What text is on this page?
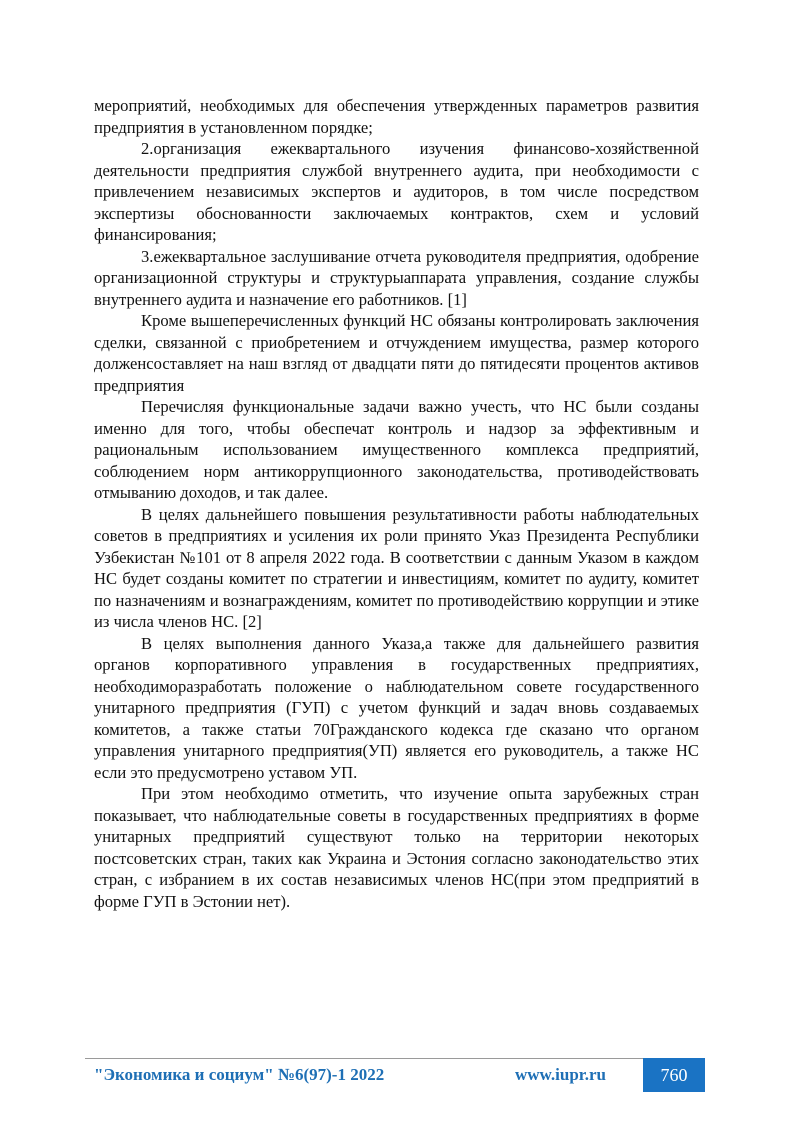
мероприятий, необходимых для обеспечения утвержденных параметров развития предприятия в установленном порядке;

2.организация ежеквартального изучения финансово-хозяйственной деятельности предприятия службой внутреннего аудита, при необходимости с привлечением независимых экспертов и аудиторов, в том числе посредством экспертизы обоснованности заключаемых контрактов, схем и условий финансирования;

3.ежеквартальное заслушивание отчета руководителя предприятия, одобрение организационной структуры и структурыаппарата управления, создание службы внутреннего аудита и назначение его работников. [1]

Кроме вышеперечисленных функций НС обязаны контролировать заключения сделки, связанной с приобретением и отчуждением имущества, размер которого долженсоставляет на наш взгляд от двадцати пяти до пятидесяти процентов активов предприятия

Перечисляя функциональные задачи важно учесть, что НС были созданы именно для того, чтобы обеспечат контроль и надзор за эффективным и рациональным использованием имущественного комплекса предприятий, соблюдением норм антикоррупционного законодательства, противодействовать отмыванию доходов, и так далее.

В целях дальнейшего повышения результативности работы наблюдательных советов в предприятиях и усиления их роли принято Указ Президента Республики Узбекистан №101 от 8 апреля 2022 года. В соответствии с данным Указом в каждом НС будет созданы комитет по стратегии и инвестициям, комитет по аудиту, комитет по назначениям и вознаграждениям, комитет по противодействию коррупции и этике из числа членов НС. [2]

В целях выполнения данного Указа,а также для дальнейшего развития органов корпоративного управления в государственных предприятиях, необходиморазработать положение о наблюдательном совете государственного унитарного предприятия (ГУП) с учетом функций и задач вновь создаваемых комитетов, а также статьи 70Гражданского кодекса где сказано что органом управления унитарного предприятия(УП) является его руководитель, а также НС если это предусмотрено уставом УП.

При этом необходимо отметить, что изучение опыта зарубежных стран показывает, что наблюдательные советы в государственных предприятиях в форме унитарных предприятий существуют только на территории некоторых постсоветских стран, таких как Украина и Эстония согласно законодательство этих стран, с избранием в их состав независимых членов НС(при этом предприятий в форме ГУП в Эстонии нет).

"Экономика и социум" №6(97)-1 2022	www.iupr.ru	760
